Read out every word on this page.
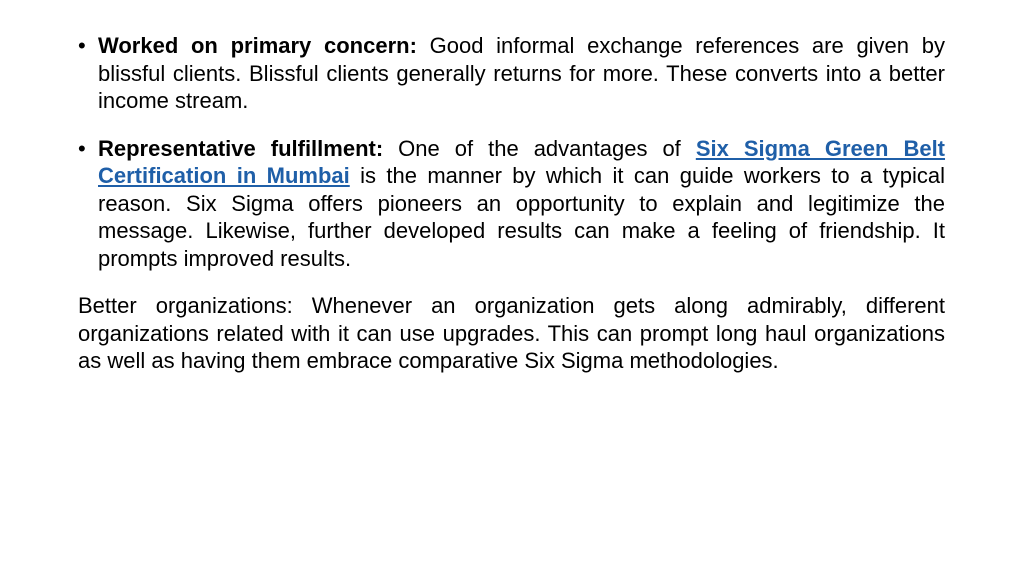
• Worked on primary concern: Good informal exchange references are given by blissful clients. Blissful clients generally returns for more. These converts into a better income stream.
• Representative fulfillment: One of the advantages of Six Sigma Green Belt Certification in Mumbai is the manner by which it can guide workers to a typical reason. Six Sigma offers pioneers an opportunity to explain and legitimize the message. Likewise, further developed results can make a feeling of friendship. It prompts improved results.

Better organizations: Whenever an organization gets along admirably, different organizations related with it can use upgrades. This can prompt long haul organizations as well as having them embrace comparative Six Sigma methodologies.
